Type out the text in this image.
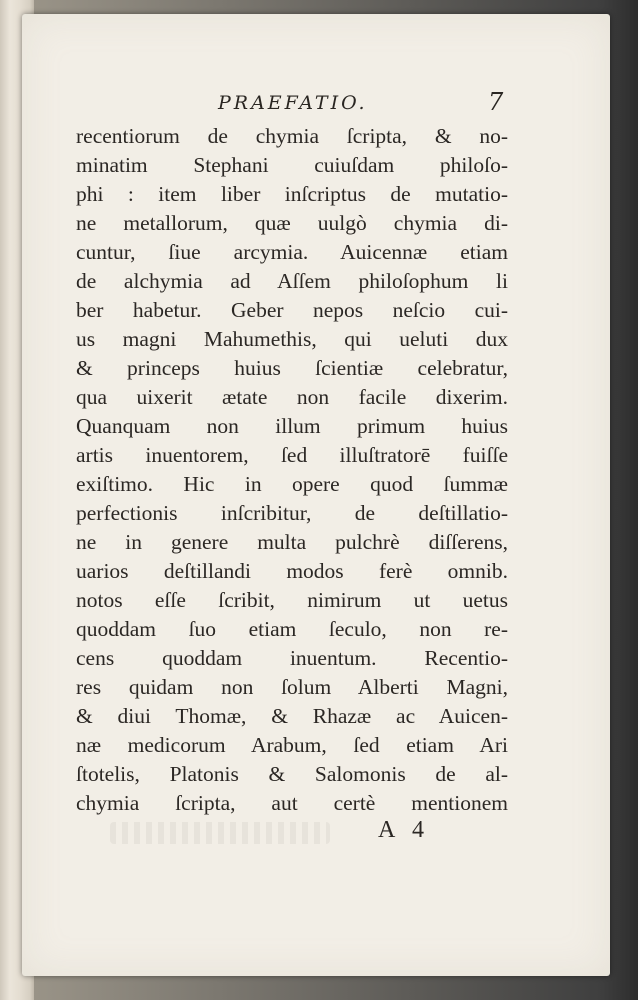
PRAEFATIO.	7
recentiorum de chymia ſcripta, & no-
minatim Stephani cuiuſdam philoſo-
phi : item liber inſcriptus de mutatio-
ne metallorum, quæ uulgò chymia di-
cuntur, ſiue arcymia. Auicennæ etiam
de alchymia ad Aſſem philoſophum li
ber habetur. Geber nepos neſcio cui-
us magni Mahumethis, qui ueluti dux
& princeps huius ſcientiæ celebratur,
qua uixerit ætate non facile dixerim.
Quanquam non illum primum huius
artis inuentorem, ſed illuſtratorē fuiſſe
exiſtimo. Hic in opere quod ſummæ
perfectionis inſcribitur, de deſtillatio-
ne in genere multa pulchrè diſſerens,
uarios deſtillandi modos ferè omnib.
notos eſſe ſcribit, nimirum ut uetus
quoddam ſuo etiam ſeculo, non re-
cens quoddam inuentum. Recentio-
res quidam non ſolum Alberti Magni,
& diui Thomæ, & Rhazæ ac Auicen-
næ medicorum Arabum, ſed etiam Ari
ſtotelis, Platonis & Salomonis de al-
chymia ſcripta, aut certè mentionem
A 4
